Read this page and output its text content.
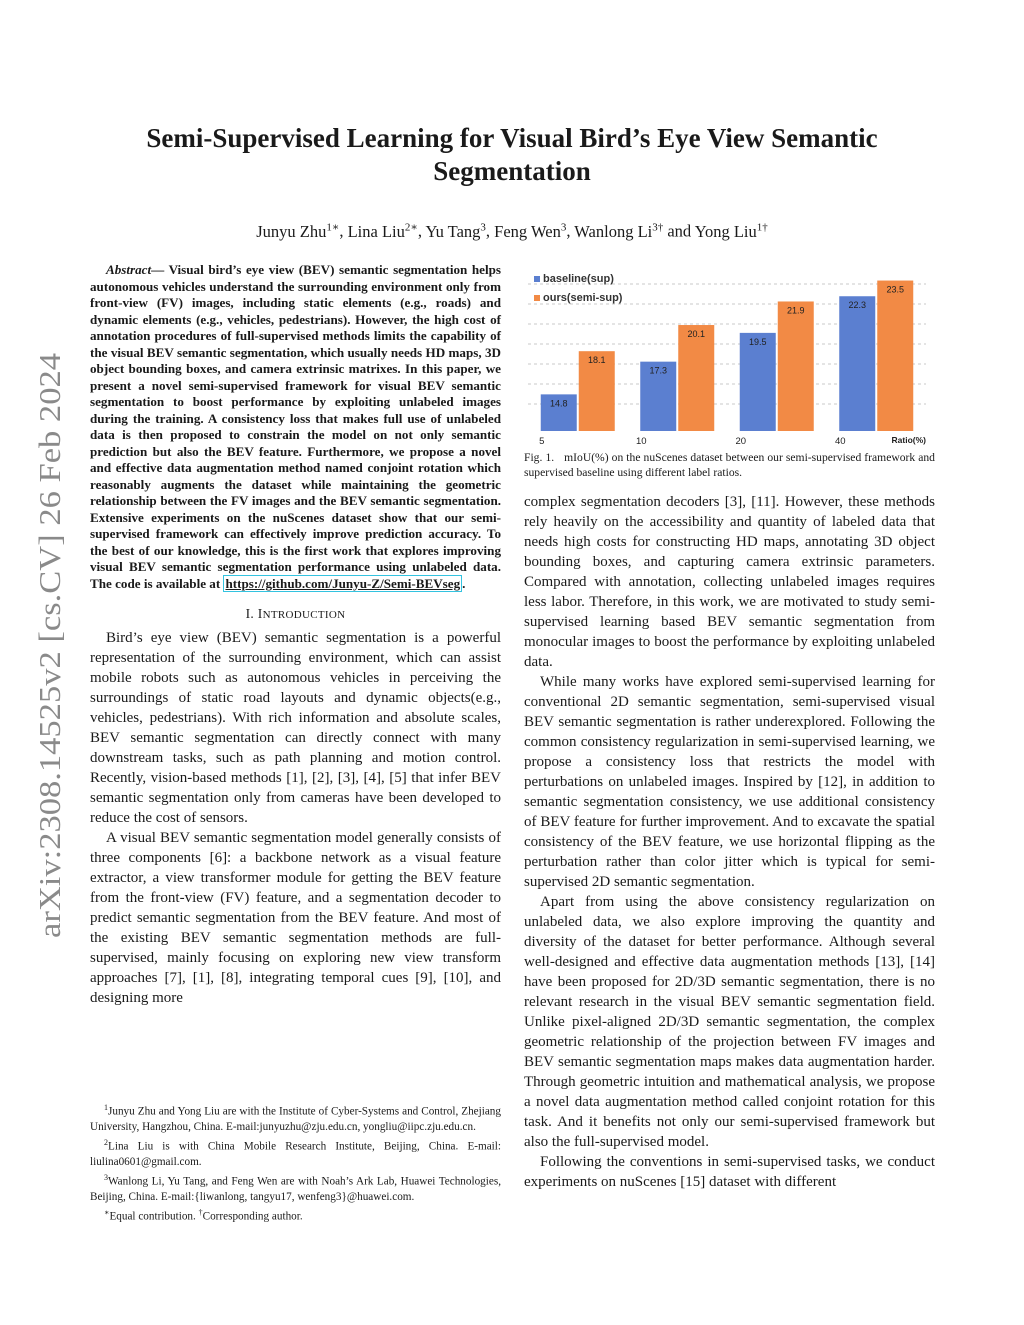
arXiv:2308.14525v2 [cs.CV] 26 Feb 2024
Semi-Supervised Learning for Visual Bird’s Eye View Semantic Segmentation
Junyu Zhu$^{1∗}$, Lina Liu$^{2∗}$, Yu Tang$^3$, Feng Wen$^3$, Wanlong $Li^{3\dagger}$ and Yong Liu$^{1\dagger}$

Abstract— Visual bird’s eye view (BEV) semantic segmentation helps autonomous vehicles understand the surrounding environment only from front-view (FV) images, including static elements (e.g., roads) and dynamic elements (e.g., vehicles, pedestrians). However, the high cost of annotation procedures of full-supervised methods limits the capability of the visual BEV semantic segmentation, which usually needs HD maps, 3D object bounding boxes, and camera extrinsic matrixes. In this paper, we present a novel semi-supervised framework for visual BEV semantic segmentation to boost performance by exploiting unlabeled images during the training. A consistency loss that makes full use of unlabeled data is then proposed to constrain the model on not only semantic prediction but also the BEV feature. Furthermore, we propose a novel and effective data augmentation method named conjoint rotation which reasonably augments the dataset while maintaining the geometric relationship between the FV images and the BEV semantic segmentation. Extensive experiments on the nuScenes dataset show that our semi-supervised framework can effectively improve prediction accuracy. To the best of our knowledge, this is the first work that explores improving visual BEV semantic segmentation performance using unlabeled data. The code is available at https://github.com/Junyu-Z/Semi-BEVseg .

I. INTRODUCTION

Bird’s eye view (BEV) semantic segmentation is a powerful representation of the surrounding environment, which can assist mobile robots such as autonomous vehicles in perceiving the surroundings of static road layouts and dynamic objects(e.g., vehicles, pedestrians). With rich information and absolute scales, BEV semantic segmentation can directly connect with many downstream tasks, such as path planning and motion control. Recently, vision-based methods [1], [2], [3], [4], [5] that infer BEV semantic segmentation only from cameras have been developed to reduce the cost of sensors.

A visual BEV semantic segmentation model generally consists of three components [6]: a backbone network as a visual feature extractor, a view transformer module for getting the BEV feature from the front-view (FV) feature, and a segmentation decoder to predict semantic segmentation from the BEV feature. And most of the existing BEV semantic segmentation methods are full-supervised, mainly focusing on exploring new view transform approaches [7], [1], [8], integrating temporal cues [9], [10], and designing more

$^1$Junyu Zhu and Yong Liu are with the Institute of Cyber-Systems and Control, Zhejiang University, Hangzhou, China. E-mail:junyuzhu@zju.edu.cn, yongliu@iipc.zju.edu.cn.

$^2$Lina Liu is with China Mobile Research Institute, Beijing, China. E-mail: liulina0601@gmail.com.

$^3$Wanlong Li, Yu Tang, and Feng Wen are with Noah’s Ark Lab, Huawei Technologies, Beijing, China. E-mail:{liwanlong, tangyu17, wenfeng3}@huawei.com.

∗Equal contribution. †Corresponding author.

14.8
18.1
5
17.3
20.1
10
19.5
21.9
20
22.3
23.5
40	Ratio(%)
baseline(sup)
ours(semi-sup)

Fig. 1. mIoU(%) on the nuScenes dataset between our semi-supervised framework and supervised baseline using different label ratios.

complex segmentation decoders [3], [11]. However, these methods rely heavily on the accessibility and quantity of labeled data that needs high costs for constructing HD maps, annotating 3D object bounding boxes, and capturing camera extrinsic parameters. Compared with annotation, collecting unlabeled images requires less labor. Therefore, in this work, we are motivated to study semi-supervised learning based BEV semantic segmentation from monocular images to boost the performance by exploiting unlabeled data.

While many works have explored semi-supervised learning for conventional 2D semantic segmentation, semi-supervised visual BEV semantic segmentation is rather underexplored. Following the common consistency regularization in semi-supervised learning, we propose a consistency loss that restricts the model with perturbations on unlabeled images. Inspired by [12], in addition to semantic segmentation consistency, we use additional consistency of BEV feature for further improvement. And to excavate the spatial consistency of the BEV feature, we use horizontal flipping as the perturbation rather than color jitter which is typical for semi-supervised 2D semantic segmentation.

Apart from using the above consistency regularization on unlabeled data, we also explore improving the quantity and diversity of the dataset for better performance. Although several well-designed and effective data augmentation methods [13], [14] have been proposed for 2D/3D semantic segmentation, there is no relevant research in the visual BEV semantic segmentation field. Unlike pixel-aligned 2D/3D semantic segmentation, the complex geometric relationship of the projection between FV images and BEV semantic segmentation maps makes data augmentation harder. Through geometric intuition and mathematical analysis, we propose a novel data augmentation method called conjoint rotation for this task. And it benefits not only our semi-supervised framework but also the full-supervised model.

Following the conventions in semi-supervised tasks, we conduct experiments on nuScenes [15] dataset with different
